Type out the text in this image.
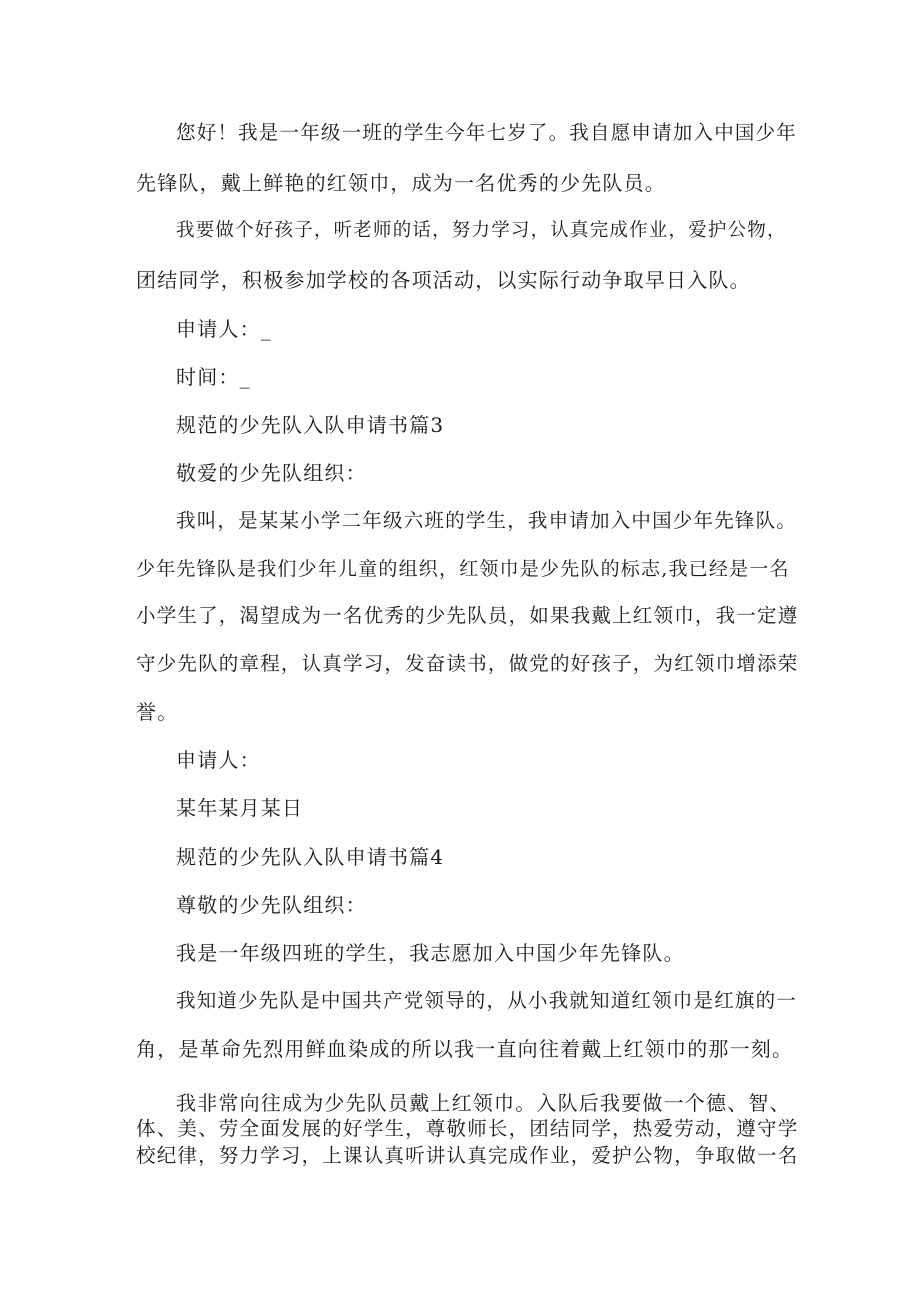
您好！我是一年级一班的学生今年七岁了。我自愿申请加入中国少年
先锋队，戴上鲜艳的红领巾，成为一名优秀的少先队员。
我要做个好孩子，听老师的话，努力学习，认真完成作业，爱护公物，
团结同学，积极参加学校的各项活动，以实际行动争取早日入队。
申请人：_
时间：_
规范的少先队入队申请书篇3
敬爱的少先队组织：
我叫，是某某小学二年级六班的学生，我申请加入中国少年先锋队。
少年先锋队是我们少年儿童的组织，红领巾是少先队的标志,我已经是一名
小学生了，渴望成为一名优秀的少先队员，如果我戴上红领巾，我一定遵
守少先队的章程，认真学习，发奋读书，做党的好孩子，为红领巾增添荣
誉。
申请人：
某年某月某日
规范的少先队入队申请书篇4
尊敬的少先队组织：
我是一年级四班的学生，我志愿加入中国少年先锋队。
我知道少先队是中国共产党领导的，从小我就知道红领巾是红旗的一
角，是革命先烈用鲜血染成的所以我一直向往着戴上红领巾的那一刻。
我非常向往成为少先队员戴上红领巾。入队后我要做一个德、智、
体、美、劳全面发展的好学生，尊敬师长，团结同学，热爱劳动，遵守学
校纪律，努力学习，上课认真听讲认真完成作业，爱护公物，争取做一名
